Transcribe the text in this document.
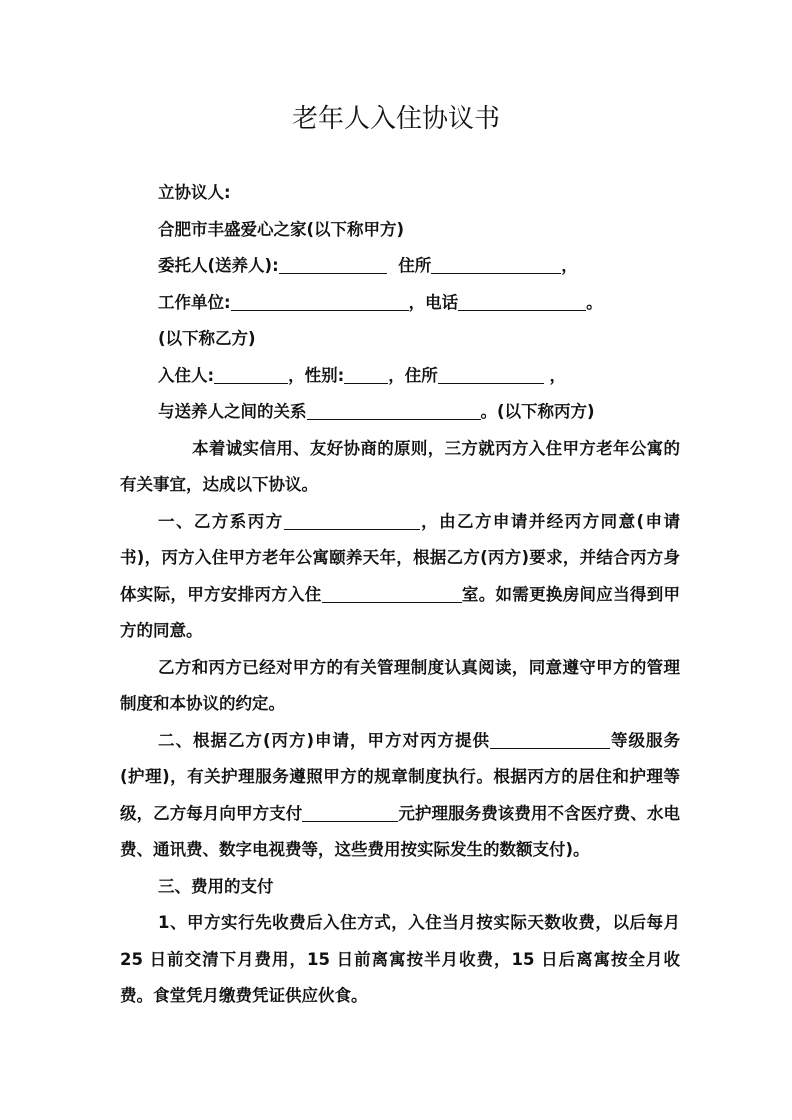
老年人入住协议书

立协议人:

合肥市丰盛爱心之家(以下称甲方)

委托人(送养人):	住所	，

工作单位:	，电话	。

(以下称乙方)

入住人:	，性别:	，住所	，

与送养人之间的关系	。(以下称丙方)

本着诚实信用、友好协商的原则，三方就丙方入住甲方老年公寓的有关事宜，达成以下协议。

一、乙方系丙方	，由乙方申请并经丙方同意(申请书)，丙方入住甲方老年公寓颐养天年，根据乙方(丙方)要求，并结合丙方身体实际，甲方安排丙方入住	室。如需更换房间应当得到甲方的同意。

乙方和丙方已经对甲方的有关管理制度认真阅读，同意遵守甲方的管理制度和本协议的约定。

二、根据乙方(丙方)申请，甲方对丙方提供	等级服务(护理)，有关护理服务遵照甲方的规章制度执行。根据丙方的居住和护理等级，乙方每月向甲方支付	元护理服务费该费用不含医疗费、水电费、通讯费、数字电视费等，这些费用按实际发生的数额支付)。

三、费用的支付

1、甲方实行先收费后入住方式，入住当月按实际天数收费，以后每月 25 日前交清下月费用，15 日前离寓按半月收费，15 日后离寓按全月收费。食堂凭月缴费凭证供应伙食。
